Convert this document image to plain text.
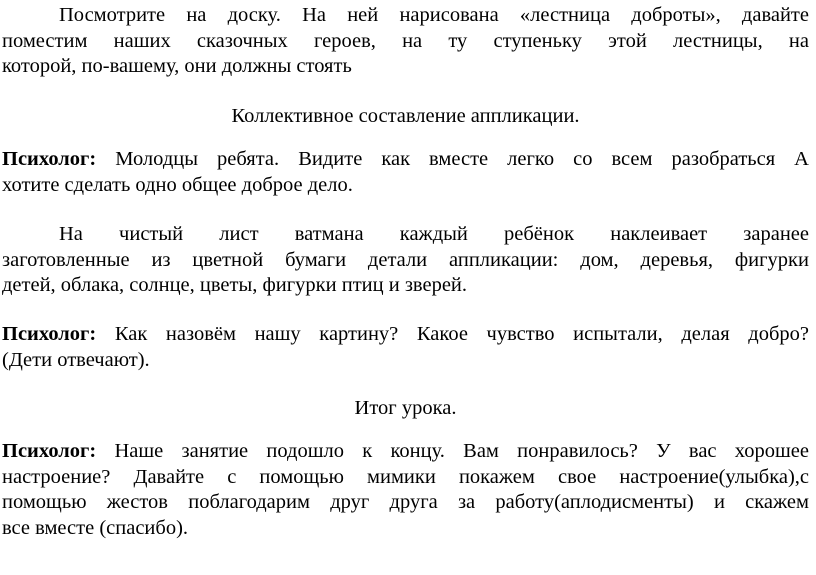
Посмотрите на доску. На ней нарисована «лестница доброты», давайте
поместим наших сказочных героев, на ту ступеньку этой лестницы, на
которой, по-вашему, они должны стоять

Коллективное составление аппликации.

Психолог: Молодцы ребята. Видите как вместе легко со всем разобраться А
хотите сделать одно общее доброе дело.
На чистый лист ватмана каждый ребёнок наклеивает заранее
заготовленные из цветной бумаги детали аппликации: дом, деревья, фигурки
детей, облака, солнце, цветы, фигурки птиц и зверей.
Психолог: Как назовём нашу картину? Какое чувство испытали, делая добро?
(Дети отвечают).

Итог урока.

Психолог: Наше занятие подошло к концу. Вам понравилось? У вас хорошее
настроение? Давайте с помощью мимики покажем свое настроение(улыбка),с
помощью жестов поблагодарим друг друга за работу(аплодисменты) и скажем
все вместе (спасибо).
